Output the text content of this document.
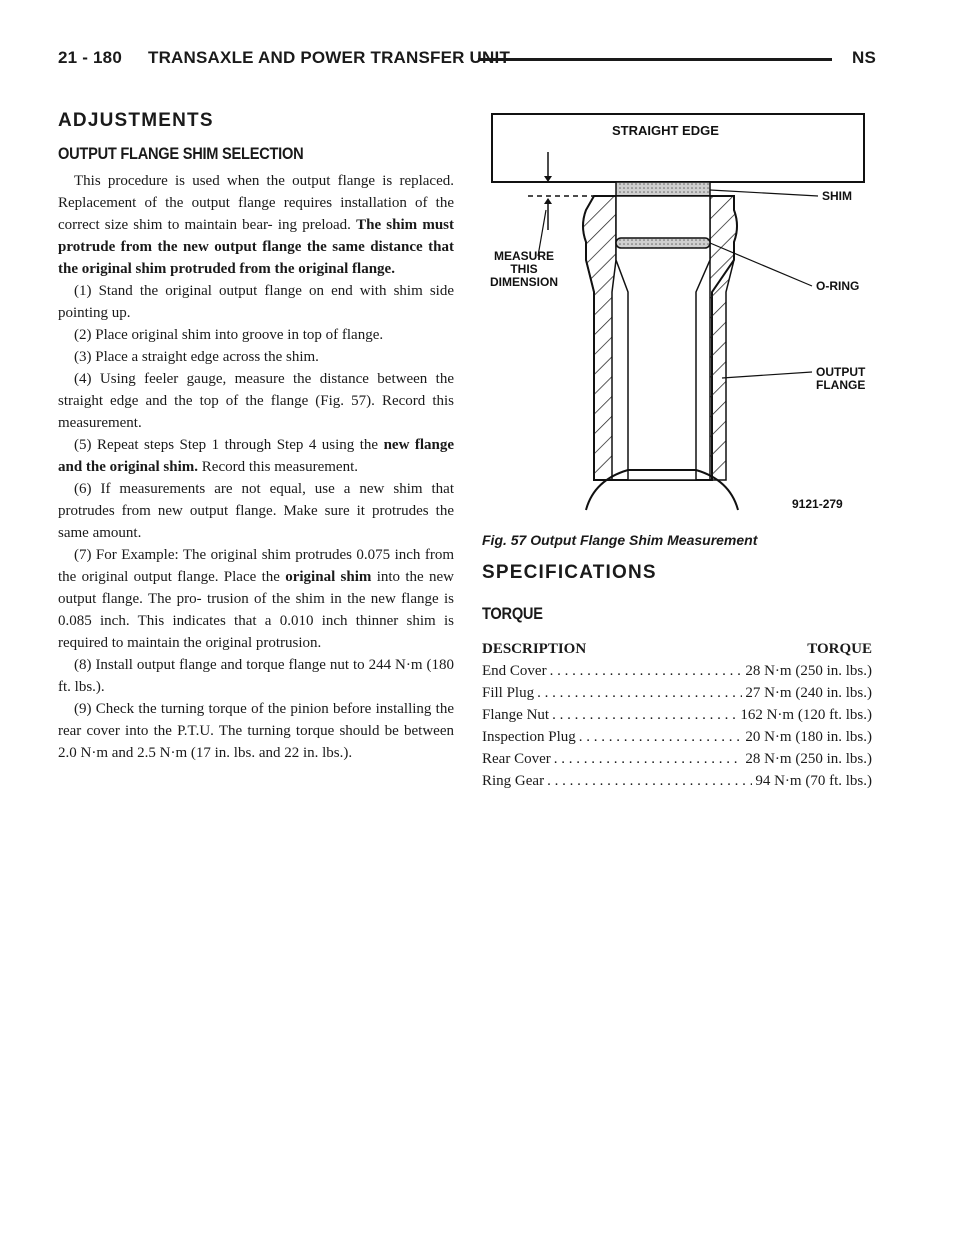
21 - 180 TRANSAXLE AND POWER TRANSFER UNIT	NS
ADJUSTMENTS
OUTPUT FLANGE SHIM SELECTION

This procedure is used when the output flange is replaced. Replacement of the output flange requires installation of the correct size shim to maintain bear- ing preload. The shim must protrude from the new output flange the same distance that the original shim protruded from the original flange.

(1) Stand the original output flange on end with shim side pointing up.

(2) Place original shim into groove in top of flange.

(3) Place a straight edge across the shim.

(4) Using feeler gauge, measure the distance between the straight edge and the top of the flange (Fig. 57). Record this measurement.

(5) Repeat steps Step 1 through Step 4 using the new flange and the original shim. Record this measurement.

(6) If measurements are not equal, use a new shim that protrudes from new output flange. Make sure it protrudes the same amount.

(7) For Example: The original shim protrudes 0.075 inch from the original output flange. Place the original shim into the new output flange. The pro- trusion of the shim in the new flange is 0.085 inch. This indicates that a 0.010 inch thinner shim is required to maintain the original protrusion.

(8) Install output flange and torque flange nut to 244 N·m (180 ft. lbs.).

(9) Check the turning torque of the pinion before installing the rear cover into the P.T.U. The turning torque should be between 2.0 N·m and 2.5 N·m (17 in. lbs. and 22 in. lbs.).

STRAIGHT EDGE
SHIM
MEASURE
THIS
DIMENSION	O-RING
OUTPUT
FLANGE
9121-279
Fig. 57 Output Flange Shim Measurement
SPECIFICATIONS
TORQUE
DESCRIPTION	TORQUE
End Cover . . .	28 N·m (250 in. lbs.)
Fill Plug . . .	27 N·m (240 in. lbs.)
Flange Nut . . .	162 N·m (120 ft. lbs.)
Inspection Plug . . .	20 N·m (180 in. lbs.)
Rear Cover . . .	28 N·m (250 in. lbs.)
Ring Gear . . .	94 N·m (70 ft. lbs.)
